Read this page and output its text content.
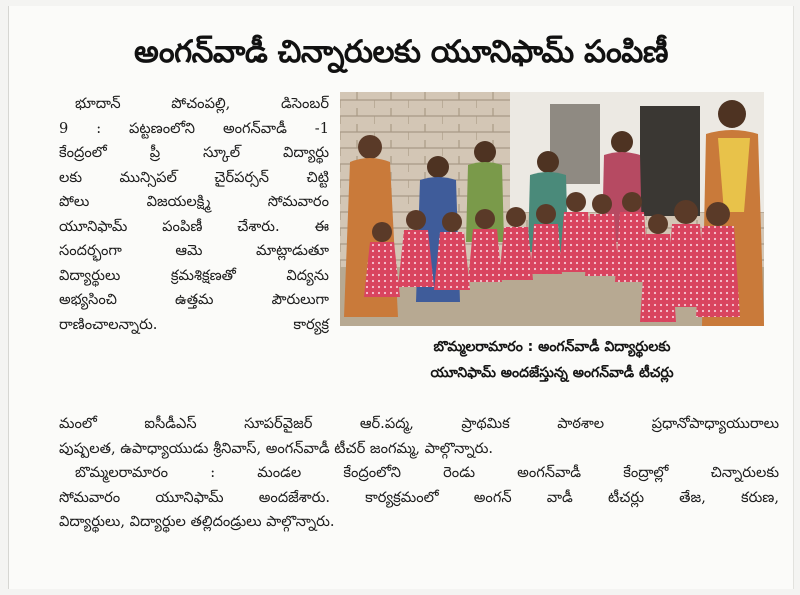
అంగన్‌వాడీ చిన్నారులకు యూనిఫామ్ పంపిణీ
భూదాన్ పోచంపల్లి, డిసెంబర్
9 : పట్టణంలోని అంగన్‌వాడీ -1
కేంద్రంలో ప్రీ స్కూల్ విద్యార్థు
లకు మున్సిపల్ చైర్‌పర్సన్ చిట్టి
పోలు విజయలక్ష్మి సోమవారం
యూనిఫామ్ పంపిణీ చేశారు. ఈ
సందర్భంగా ఆమె మాట్లాడుతూ
విద్యార్థులు క్రమశిక్షణతో విద్యను
అభ్యసించి ఉత్తమ పౌరులుగా
రాణించాలన్నారు. కార్యక్ర
బొమ్మలరామారం : అంగన్‌వాడీ విద్యార్థులకు
యూనిఫామ్ అందజేస్తున్న అంగన్‌వాడీ టీచర్లు
మంలో ఐసీడీఎస్ సూపర్‌వైజర్ ఆర్.పద్మ, ప్రాథమిక పాఠశాల ప్రధానోపాధ్యాయురాలు
పుష్పలత, ఉపాధ్యాయుడు శ్రీనివాస్, అంగన్‌వాడీ టీచర్ జంగమ్మ, పాల్గొన్నారు.
బొమ్మలరామారం : మండల కేంద్రంలోని రెండు అంగన్‌వాడీ కేంద్రాల్లో చిన్నారులకు
సోమవారం యూనిఫామ్ అందజేశారు. కార్యక్రమంలో అంగన్ వాడీ టీచర్లు తేజ, కరుణ,
విద్యార్థులు, విద్యార్థుల తల్లిదండ్రులు పాల్గొన్నారు.
